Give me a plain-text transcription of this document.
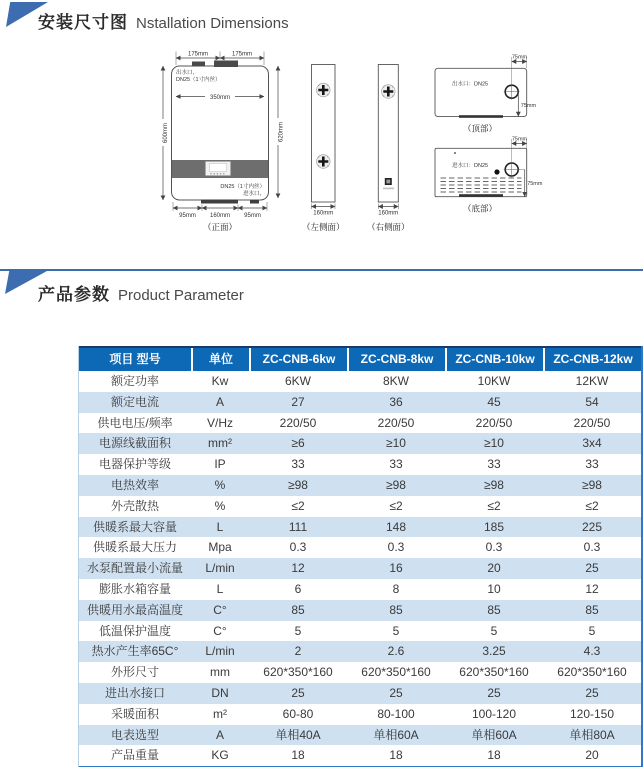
安装尺寸图 Nstallation Dimensions
175mm	175mm
出水口，
DN25（1寸内丝）
350mm
600mm	620mm
DN25（1寸内丝）
进水口，
95mm 160mm 95mm
（正面）
160mm
（左侧面）
160mm
（右侧面）
出水口：DN25
75mm
75mm
（顶部）
进水口：DN25
75mm
75mm
（底部）
产品参数 Product Parameter
项目 型号	单位	ZC-CNB-6kw	ZC-CNB-8kw	ZC-CNB-10kw	ZC-CNB-12kw
额定功率	Kw	6KW	8KW	10KW	12KW
额定电流	A	27	36	45	54
供电电压/频率	V/Hz	220/50	220/50	220/50	220/50
电源线截面积	mm²	≥6	≥10	≥10	3x4
电器保护等级	IP	33	33	33	33
电热效率	%	≥98	≥98	≥98	≥98
外壳散热	%	≤2	≤2	≤2	≤2
供暖系最大容量	L	111	148	185	225
供暖系最大压力	Mpa	0.3	0.3	0.3	0.3
水泵配置最小流量	L/min	12	16	20	25
膨胀水箱容量	L	6	8	10	12
供暖用水最高温度	C°	85	85	85	85
低温保护温度	C°	5	5	5	5
热水产生率65C°	L/min	2	2.6	3.25	4.3
外形尺寸	mm	620*350*160	620*350*160	620*350*160	620*350*160
进出水接口	DN	25	25	25	25
采暖面积	m²	60-80	80-100	100-120	120-150
电表选型	A	单相40A	单相60A	单相60A	单相80A
产品重量	KG	18	18	18	20
